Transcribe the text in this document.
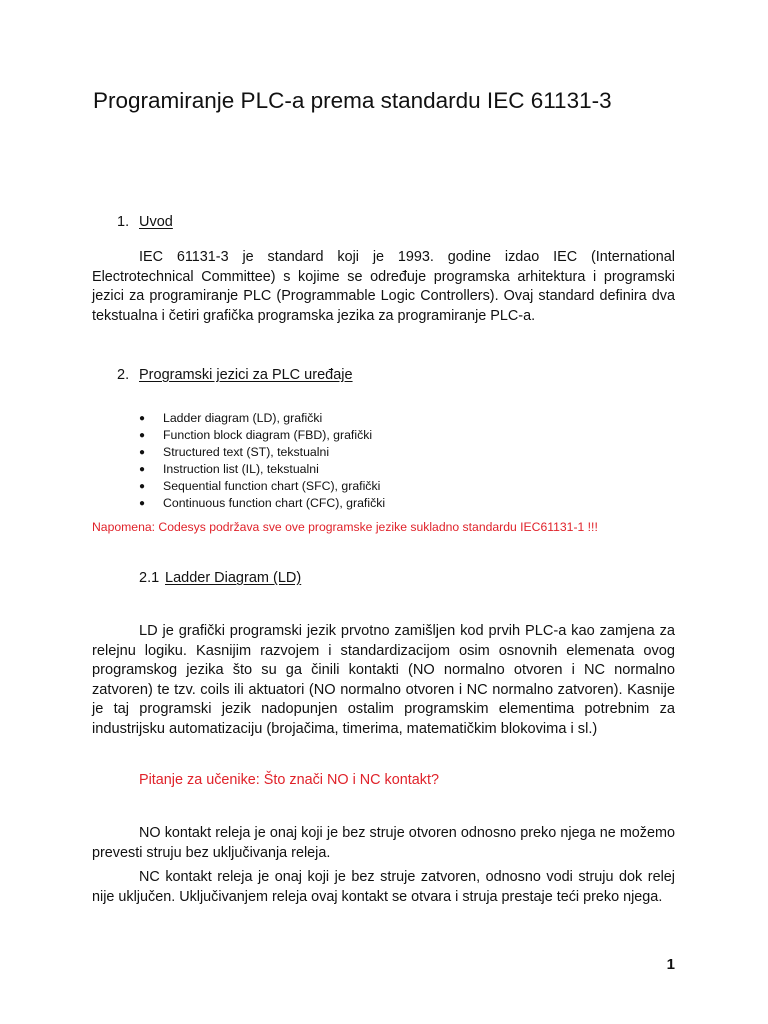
Programiranje PLC-a prema standardu IEC 61131-3
1. Uvod

IEC 61131-3 je standard koji je 1993. godine izdao IEC (International Electrotechnical Committee) s kojime se određuje programska arhitektura i programski jezici za programiranje PLC (Programmable Logic Controllers). Ovaj standard definira dva tekstualna i četiri grafička programska jezika za programiranje PLC-a.

2. Programski jezici za PLC uređaje
● Ladder diagram (LD), grafički
● Function block diagram (FBD), grafički
● Structured text (ST), tekstualni
● Instruction list (IL), tekstualni
● Sequential function chart (SFC), grafički
● Continuous function chart (CFC), grafički

Napomena: Codesys podržava sve ove programske jezike sukladno standardu IEC61131-1 !!!

2.1 Ladder Diagram (LD)

LD je grafički programski jezik prvotno zamišljen kod prvih PLC-a kao zamjena za relejnu logiku. Kasnijim razvojem i standardizacijom osim osnovnih elemenata ovog programskog jezika što su ga činili kontakti (NO normalno otvoren i NC normalno zatvoren) te tzv. coils ili aktuatori (NO normalno otvoren i NC normalno zatvoren). Kasnije je taj programski jezik nadopunjen ostalim programskim elementima potrebnim za industrijsku automatizaciju (brojačima, timerima, matematičkim blokovima i sl.)

Pitanje za učenike: Što znači NO i NC kontakt?

NO kontakt releja je onaj koji je bez struje otvoren odnosno preko njega ne možemo prevesti struju bez uključivanja releja.

NC kontakt releja je onaj koji je bez struje zatvoren, odnosno vodi struju dok relej nije uključen. Uključivanjem releja ovaj kontakt se otvara i struja prestaje teći preko njega.

1
